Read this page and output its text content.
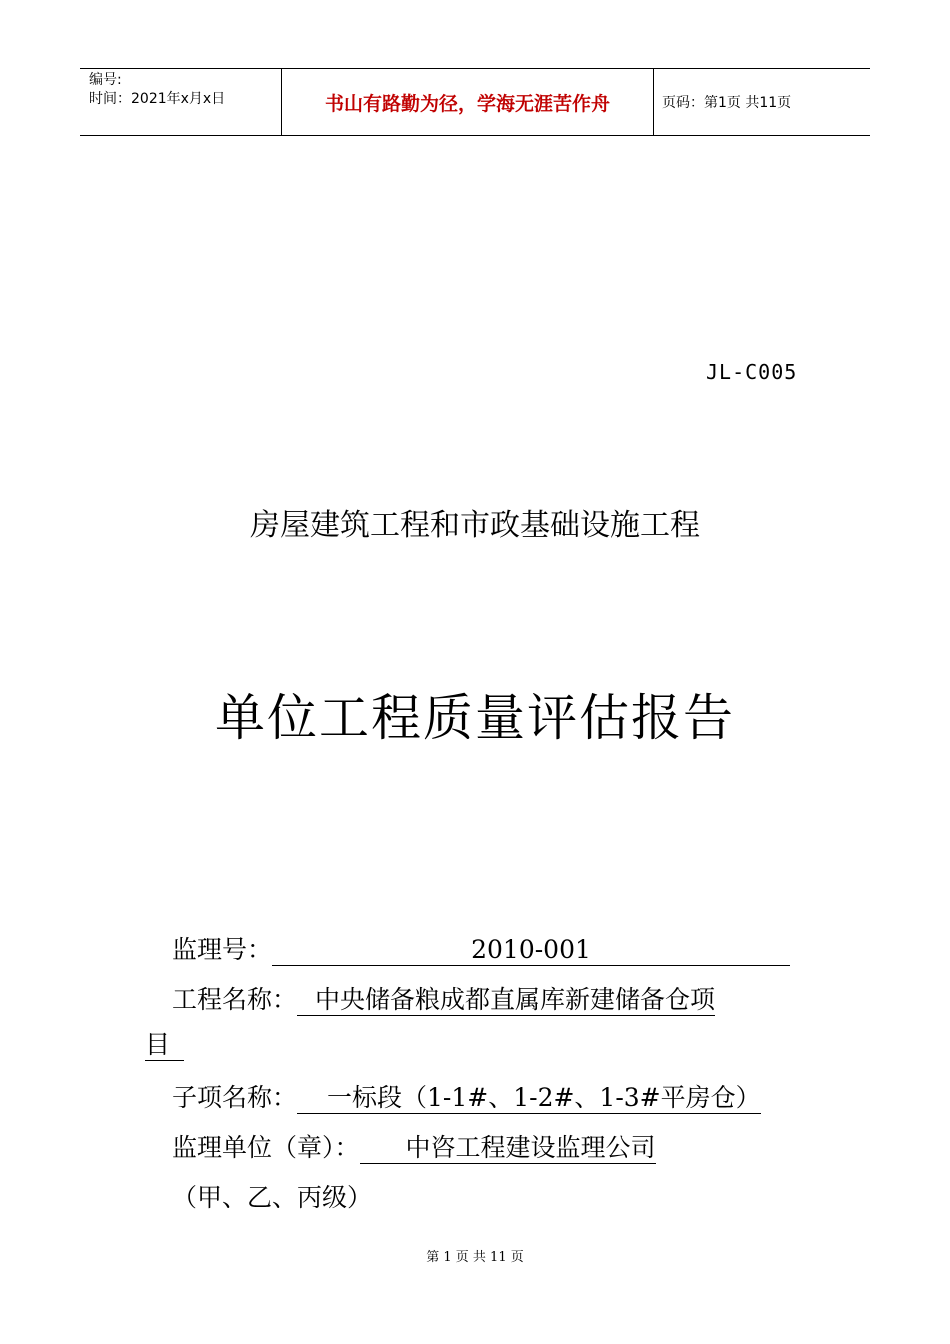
编号:
时间：2021年x月x日	书山有路勤为径，学海无涯苦作舟	页码：第1页 共11页
JL-C005
房屋建筑工程和市政基础设施工程
单位工程质量评估报告
监理号：	2010-001
工程名称： 中央储备粮成都直属库新建储备仓项
目
子项名称： 一标段（1-1#、1-2#、1-3#平房仓）
监理单位（章）： 中咨工程建设监理公司
（甲、乙、丙级）
第 1 页 共 11 页
